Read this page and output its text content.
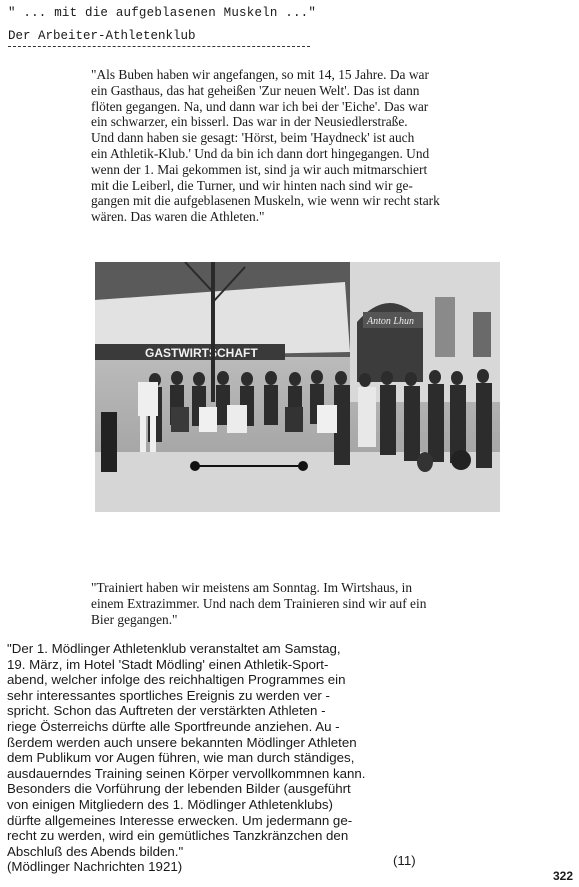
" ... mit die aufgeblasenen Muskeln ..."
Der Arbeiter-Athletenklub
"Als Buben haben wir angefangen, so mit 14, 15 Jahre. Da war
ein Gasthaus, das hat geheißen 'Zur neuen Welt'. Das ist dann
flöten gegangen. Na, und dann war ich bei der 'Eiche'. Das war
ein schwarzer, ein bisserl. Das war in der Neusiedlerstraße.
Und dann haben sie gesagt: 'Hörst, beim 'Haydneck' ist auch
ein Athletik-Klub.' Und da bin ich dann dort hingegangen. Und
wenn der 1. Mai gekommen ist, sind ja wir auch mitmarschiert
mit die Leiberl, die Turner, und wir hinten nach sind wir ge-
gangen mit die aufgeblasenen Muskeln, wie wenn wir recht stark
wären. Das waren die Athleten."
GASTWIRTSCHAFT
Anton Lhun
"Trainiert haben wir meistens am Sonntag. Im Wirtshaus, in
einem Extrazimmer. Und nach dem Trainieren sind wir auf ein
Bier gegangen."
"Der 1. Mödlinger Athletenklub veranstaltet am Samstag,
19. März, im Hotel 'Stadt Mödling' einen Athletik-Sport-
abend, welcher infolge des reichhaltigen Programmes ein
sehr interessantes sportliches Ereignis zu werden ver -
spricht. Schon das Auftreten der verstärkten Athleten -
riege Österreichs dürfte alle Sportfreunde anziehen. Au -
ßerdem werden auch unsere bekannten Mödlinger Athleten
dem Publikum vor Augen führen, wie man durch ständiges,
ausdauerndes Training seinen Körper vervollkommnen kann.
Besonders die Vorführung der lebenden Bilder (ausgeführt
von einigen Mitgliedern des 1. Mödlinger Athletenklubs)
dürfte allgemeines Interesse erwecken. Um jedermann ge-
recht zu werden, wird ein gemütliches Tanzkränzchen den
Abschluß des Abends bilden."
(Mödlinger Nachrichten 1921)	(11)
322
